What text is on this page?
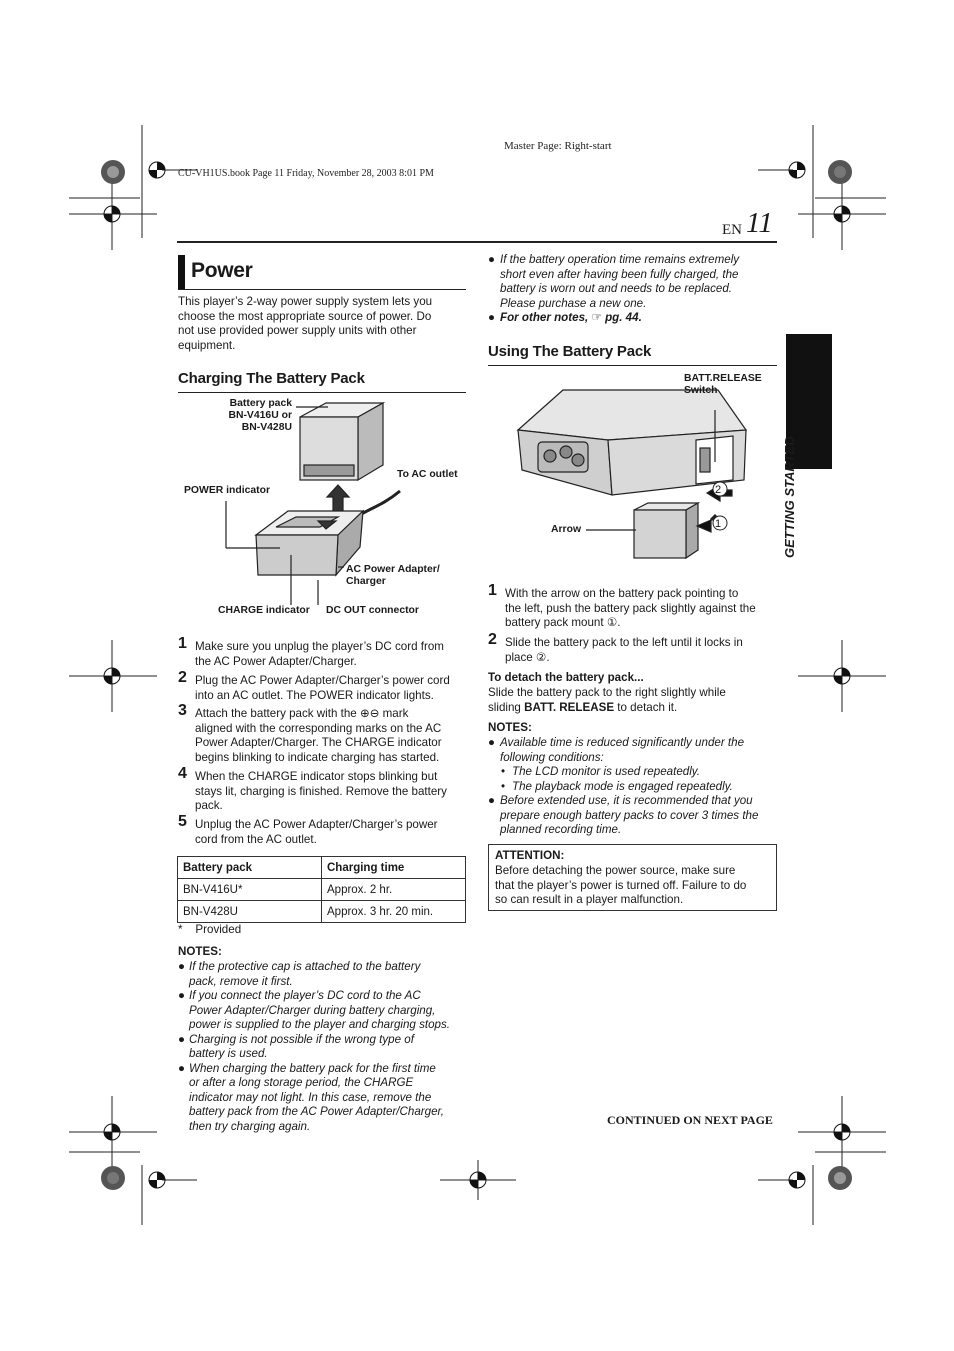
Master Page: Right-start
CU-VH1US.book Page 11 Friday, November 28, 2003 8:01 PM
EN 11
GETTING STARTED
Power
This player’s 2-way power supply system lets you
choose the most appropriate source of power. Do
not use provided power supply units with other
equipment.
Charging The Battery Pack
Battery pack
BN-V416U or
BN-V428U
To AC outlet
POWER indicator
AC Power Adapter/
Charger
CHARGE indicator DC OUT connector
1 Make sure you unplug the player’s DC cord from
the AC Power Adapter/Charger.
2 Plug the AC Power Adapter/Charger’s power cord
into an AC outlet. The POWER indicator lights.
3 Attach the battery pack with the ⊕⊖ mark
aligned with the corresponding marks on the AC
Power Adapter/Charger. The CHARGE indicator
begins blinking to indicate charging has started.
4 When the CHARGE indicator stops blinking but
stays lit, charging is finished. Remove the battery
pack.
5 Unplug the AC Power Adapter/Charger’s power
cord from the AC outlet.
Battery pack	Charging time
BN-V416U*	Approx. 2 hr.
BN-V428U	Approx. 3 hr. 20 min.
*    Provided
NOTES:
● If the protective cap is attached to the battery
pack, remove it first.
● If you connect the player’s DC cord to the AC
Power Adapter/Charger during battery charging,
power is supplied to the player and charging stops.
● Charging is not possible if the wrong type of
battery is used.
● When charging the battery pack for the first time
or after a long storage period, the CHARGE
indicator may not light. In this case, remove the
battery pack from the AC Power Adapter/Charger,
then try charging again.
● If the battery operation time remains extremely
short even after having been fully charged, the
battery is worn out and needs to be replaced.
Please purchase a new one.
● For other notes, ☞ pg. 44.
Using The Battery Pack
2
1
BATT.RELEASE
Switch
Arrow
1 With the arrow on the battery pack pointing to
the left, push the battery pack slightly against the
battery pack mount ①.
2 Slide the battery pack to the left until it locks in
place ②.
To detach the battery pack...
Slide the battery pack to the right slightly while
sliding BATT. RELEASE to detach it.
NOTES:
● Available time is reduced significantly under the
following conditions:
• The LCD monitor is used repeatedly.
• The playback mode is engaged repeatedly.
● Before extended use, it is recommended that you
prepare enough battery packs to cover 3 times the
planned recording time.
ATTENTION:
Before detaching the power source, make sure
that the player’s power is turned off. Failure to do
so can result in a player malfunction.
CONTINUED ON NEXT PAGE
